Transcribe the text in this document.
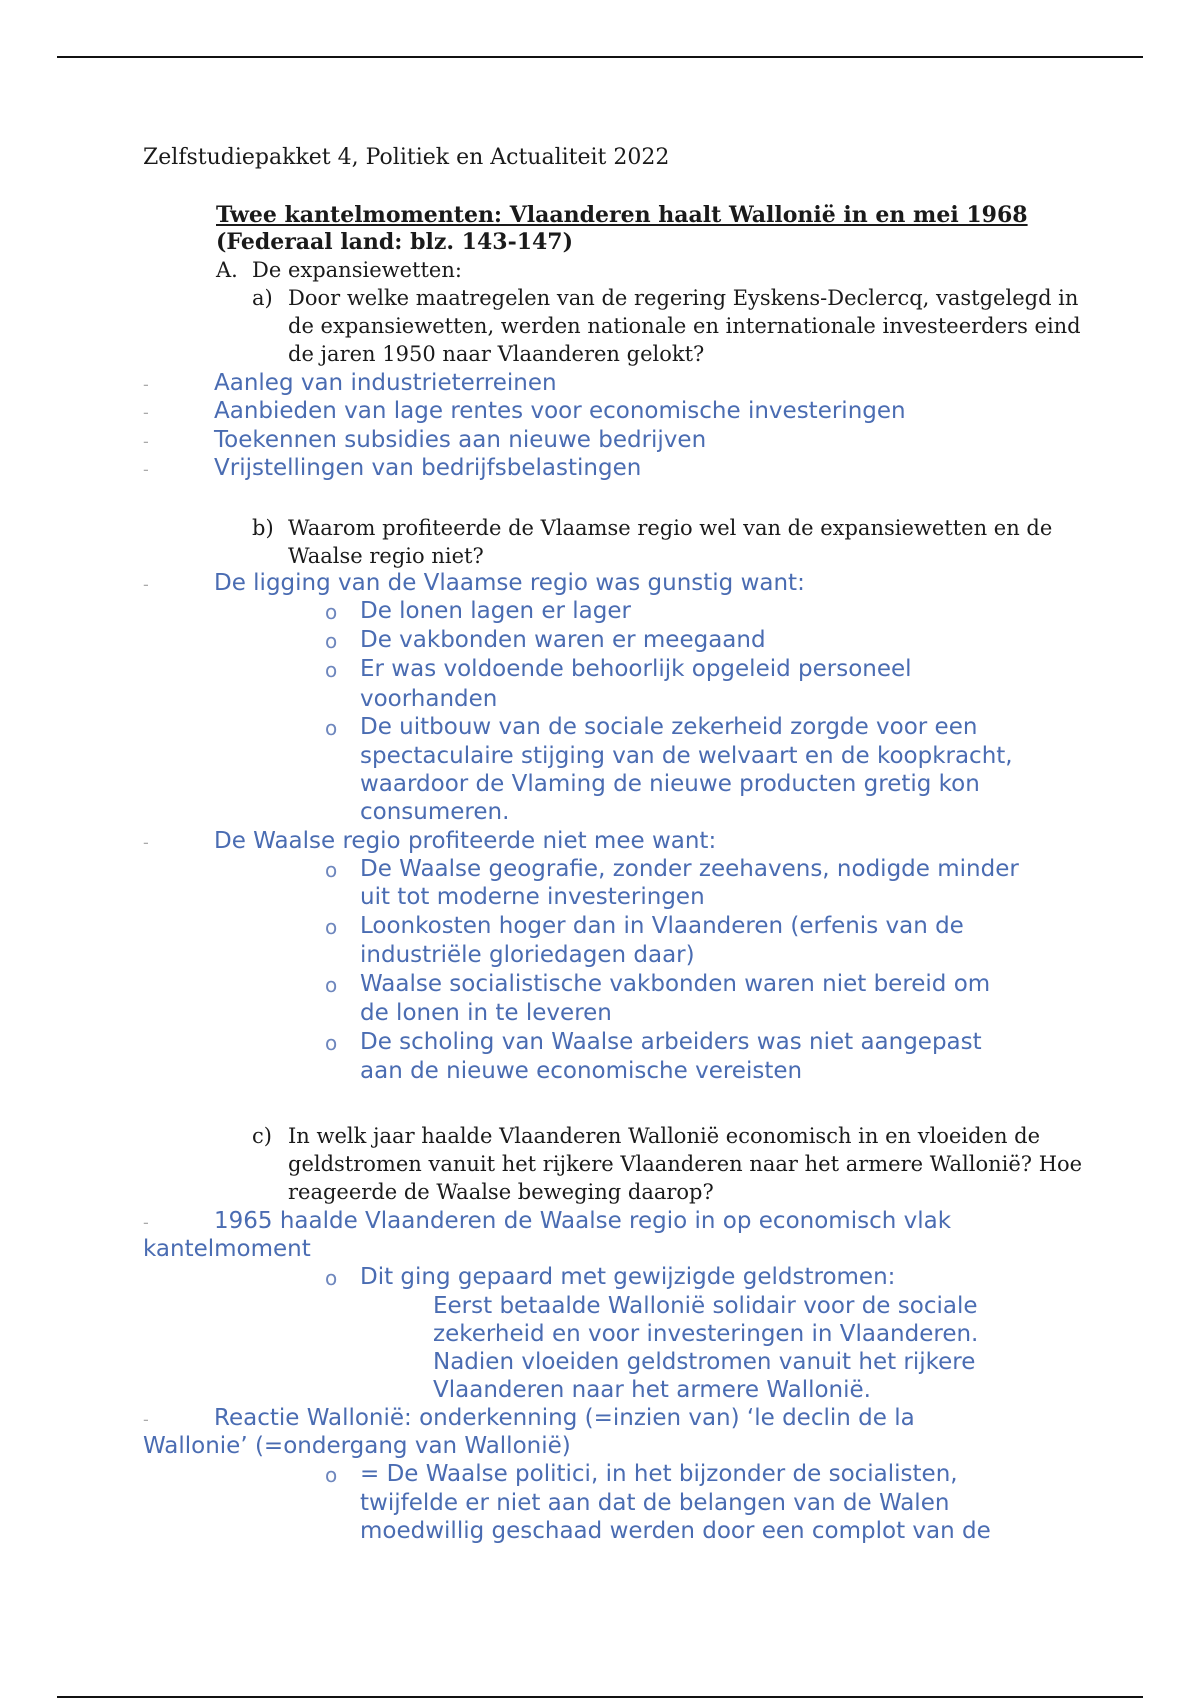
Zelfstudiepakket 4, Politiek en Actualiteit 2022
Twee kantelmomenten: Vlaanderen haalt Wallonië in en mei 1968
(Federaal land: blz. 143-147)
A. De expansiewetten:
a) Door welke maatregelen van de regering Eyskens-Declercq, vastgelegd in
de expansiewetten, werden nationale en internationale investeerders eind
de jaren 1950 naar Vlaanderen gelokt?
-	Aanleg van industrieterreinen
-	Aanbieden van lage rentes voor economische investeringen
-	Toekennen subsidies aan nieuwe bedrijven
-	Vrijstellingen van bedrijfsbelastingen
b) Waarom profiteerde de Vlaamse regio wel van de expansiewetten en de
Waalse regio niet?
-	De ligging van de Vlaamse regio was gunstig want:
o De lonen lagen er lager
o De vakbonden waren er meegaand
o Er was voldoende behoorlijk opgeleid personeel
voorhanden
o De uitbouw van de sociale zekerheid zorgde voor een
spectaculaire stijging van de welvaart en de koopkracht,
waardoor de Vlaming de nieuwe producten gretig kon
consumeren.
-	De Waalse regio profiteerde niet mee want:
o De Waalse geografie, zonder zeehavens, nodigde minder
uit tot moderne investeringen
o Loonkosten hoger dan in Vlaanderen (erfenis van de
industriële gloriedagen daar)
o Waalse socialistische vakbonden waren niet bereid om
de lonen in te leveren
o De scholing van Waalse arbeiders was niet aangepast
aan de nieuwe economische vereisten
c) In welk jaar haalde Vlaanderen Wallonië economisch in en vloeiden de
geldstromen vanuit het rijkere Vlaanderen naar het armere Wallonië? Hoe
reageerde de Waalse beweging daarop?
-	1965 haalde Vlaanderen de Waalse regio in op economisch vlak
kantelmoment
o Dit ging gepaard met gewijzigde geldstromen:
Eerst betaalde Wallonië solidair voor de sociale
zekerheid en voor investeringen in Vlaanderen.
Nadien vloeiden geldstromen vanuit het rijkere
Vlaanderen naar het armere Wallonië.
-	Reactie Wallonië: onderkenning (=inzien van) ‘le declin de la
Wallonie’ (=ondergang van Wallonië)
o = De Waalse politici, in het bijzonder de socialisten,
twijfelde er niet aan dat de belangen van de Walen
moedwillig geschaad werden door een complot van de
